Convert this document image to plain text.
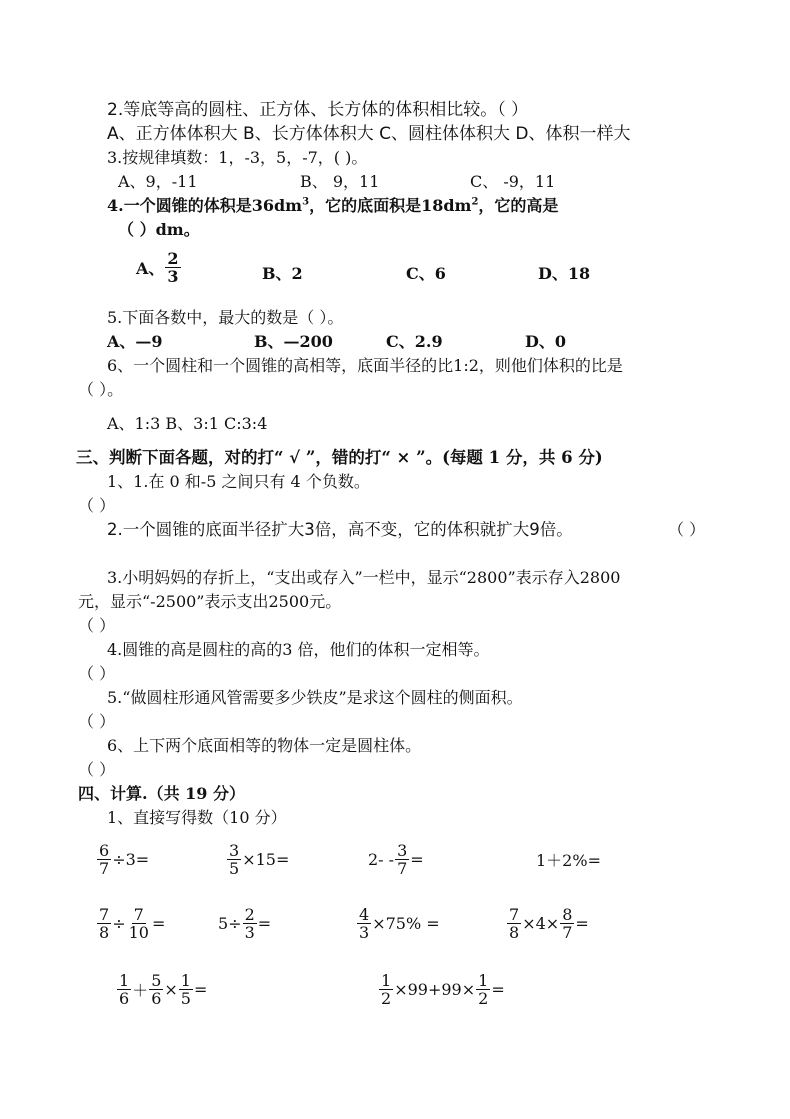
2.等底等高的圆柱、正方体、长方体的体积相比较。（ ）
A、正方体体积大 B、长方体体积大 C、圆柱体体积大 D、体积一样大
3.按规律填数：1，-3，5，-7，( )。
A、9，-11	B、 9，11	C、 -9，11
4.一个圆锥的体积是$36dm^3$，它的底面积是$18dm^2$，它的高是
（ ）dm。
A、 $\frac{2}{3}$	B、2	C、6	D、18
5.下面各数中，最大的数是（ ）。
A、—9	B、—200	C、2.9	D、0
6、一个圆柱和一个圆锥的高相等，底面半径的比1:2，则他们体积的比是
（ ）。
A、1:3 B、3:1 C:3:4
三、判断下面各题，对的打“ √ ”，错的打“ × ”。(每题 1 分，共 6 分)
1、1.在 0 和-5 之间只有 4 个负数。
（ ）
2.一个圆锥的底面半径扩大3倍，高不变，它的体积就扩大9倍。	（ ）
3.小明妈妈的存折上，“支出或存入”一栏中，显示“2800”表示存入2800
元，显示“-2500”表示支出2500元。
（ ）
4.圆锥的高是圆柱的高的3 倍，他们的体积一定相等。
（ ）
5.“做圆柱形通风管需要多少铁皮”是求这个圆柱的侧面积。
（ ）
6、上下两个底面相等的物体一定是圆柱体。
（ ）
四、计算.（共 19 分）
1、直接写得数（10 分）
$\frac{6}{7} \div 3=$	$\frac{3}{5} \times 15=$	$2- - \frac{3}{7}$ =	1＋2%=
$\frac{7}{8} \div \frac{7}{10}$ =	$5\div \frac{2}{3}$ =	$\frac{4}{3} \times 75\%$ =	$\frac{7}{8} \times 4\times \frac{8}{7}$ =
$\frac{1}{6} + \frac{5}{6} \times \frac{1}{5}$ =	$\frac{1}{2} \times 99+99\times \frac{1}{2}$ =
